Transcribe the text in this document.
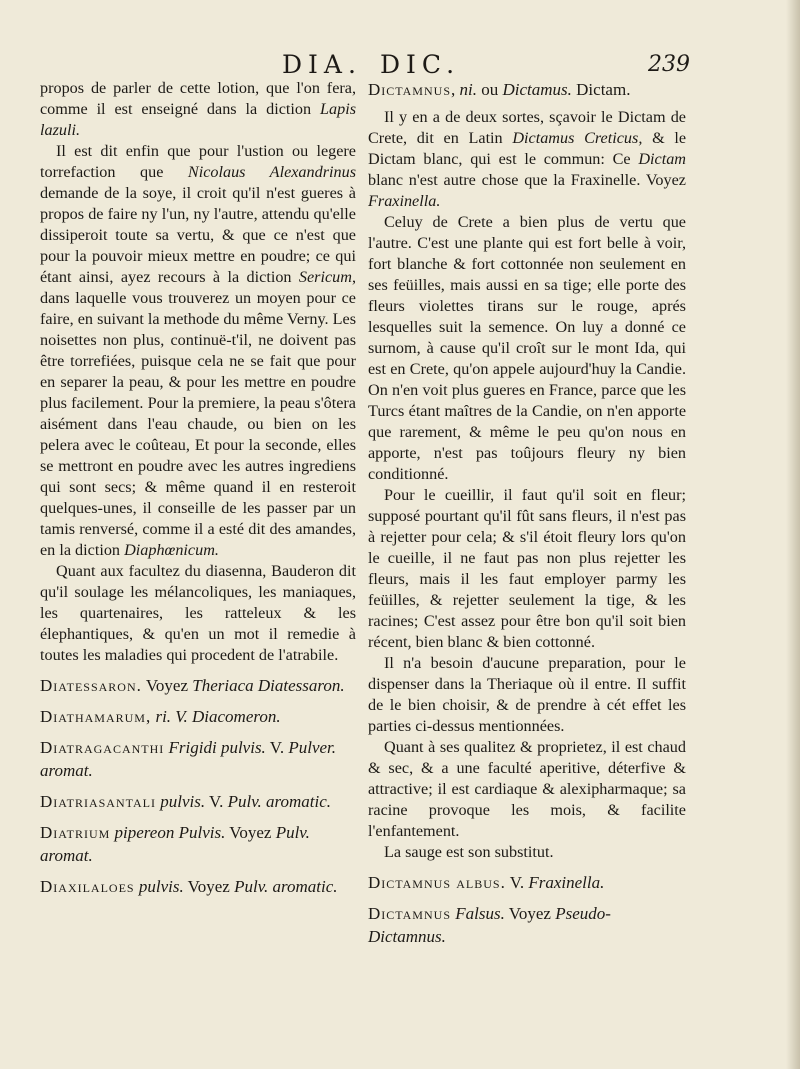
DIA. DIC.	239

propos de parler de cette lotion, que l'on fera, comme il est enseigné dans la diction Lapis lazuli.

Il est dit enfin que pour l'ustion ou legere torrefaction que Nicolaus Alexandrinus demande de la soye, il croit qu'il n'est gueres à propos de faire ny l'un, ny l'autre, attendu qu'elle dissiperoit toute sa vertu, & que ce n'est que pour la pouvoir mieux mettre en poudre; ce qui étant ainsi, ayez recours à la diction Sericum, dans laquelle vous trouverez un moyen pour ce faire, en suivant la methode du même Verny. Les noisettes non plus, continuë-t'il, ne doivent pas être torrefiées, puisque cela ne se fait que pour en separer la peau, & pour les mettre en poudre plus facilement. Pour la premiere, la peau s'ôtera aisément dans l'eau chaude, ou bien on les pelera avec le coûteau, Et pour la seconde, elles se mettront en poudre avec les autres ingrediens qui sont secs; & même quand il en resteroit quelques-unes, il conseille de les passer par un tamis renversé, comme il a esté dit des amandes, en la diction Diaphœnicum.

Quant aux facultez du diasenna, Bauderon dit qu'il soulage les mélancoliques, les maniaques, les quartenaires, les ratteleux & les élephantiques, & qu'en un mot il remedie à toutes les maladies qui procedent de l'atrabile.

Diatessaron. Voyez Theriaca Diatessaron.
Diathamarum, ri. V. Diacomeron.
Diatragacanthi Frigidi pulvis. V. Pulver. aromat.
Diatriasantali pulvis. V. Pulv. aromatic.
Diatrium pipereon Pulvis. Voyez Pulv. aromat.
Diaxilaloes pulvis. Voyez Pulv. aromatic.
Dictamnus, ni. ou Dictamus. Dictam.

Il y en a de deux sortes, sçavoir le Dictam de Crete, dit en Latin Dictamus Creticus, & le Dictam blanc, qui est le commun: Ce Dictam blanc n'est autre chose que la Fraxinelle. Voyez Fraxinella.

Celuy de Crete a bien plus de vertu que l'autre. C'est une plante qui est fort belle à voir, fort blanche & fort cottonnée non seulement en ses feüilles, mais aussi en sa tige; elle porte des fleurs violettes tirans sur le rouge, aprés lesquelles suit la semence. On luy a donné ce surnom, à cause qu'il croît sur le mont Ida, qui est en Crete, qu'on appele aujourd'huy la Candie. On n'en voit plus gueres en France, parce que les Turcs étant maîtres de la Candie, on n'en apporte que rarement, & même le peu qu'on nous en apporte, n'est pas toûjours fleury ny bien conditionné.

Pour le cueillir, il faut qu'il soit en fleur; supposé pourtant qu'il fût sans fleurs, il n'est pas à rejetter pour cela; & s'il étoit fleury lors qu'on le cueille, il ne faut pas non plus rejetter les fleurs, mais il les faut employer parmy les feüilles, & rejetter seulement la tige, & les racines; C'est assez pour être bon qu'il soit bien récent, bien blanc & bien cottonné.

Il n'a besoin d'aucune preparation, pour le dispenser dans la Theriaque où il entre. Il suffit de le bien choisir, & de prendre à cét effet les parties ci-dessus mentionnées.

Quant à ses qualitez & proprietez, il est chaud & sec, & a une faculté aperitive, déterfive & attractive; il est cardiaque & alexipharmaque; sa racine provoque les mois, & facilite l'enfantement.

La sauge est son substitut.

Dictamnus albus. V. Fraxinella.
Dictamnus Falsus. Voyez Pseudo-Dictamnus.
